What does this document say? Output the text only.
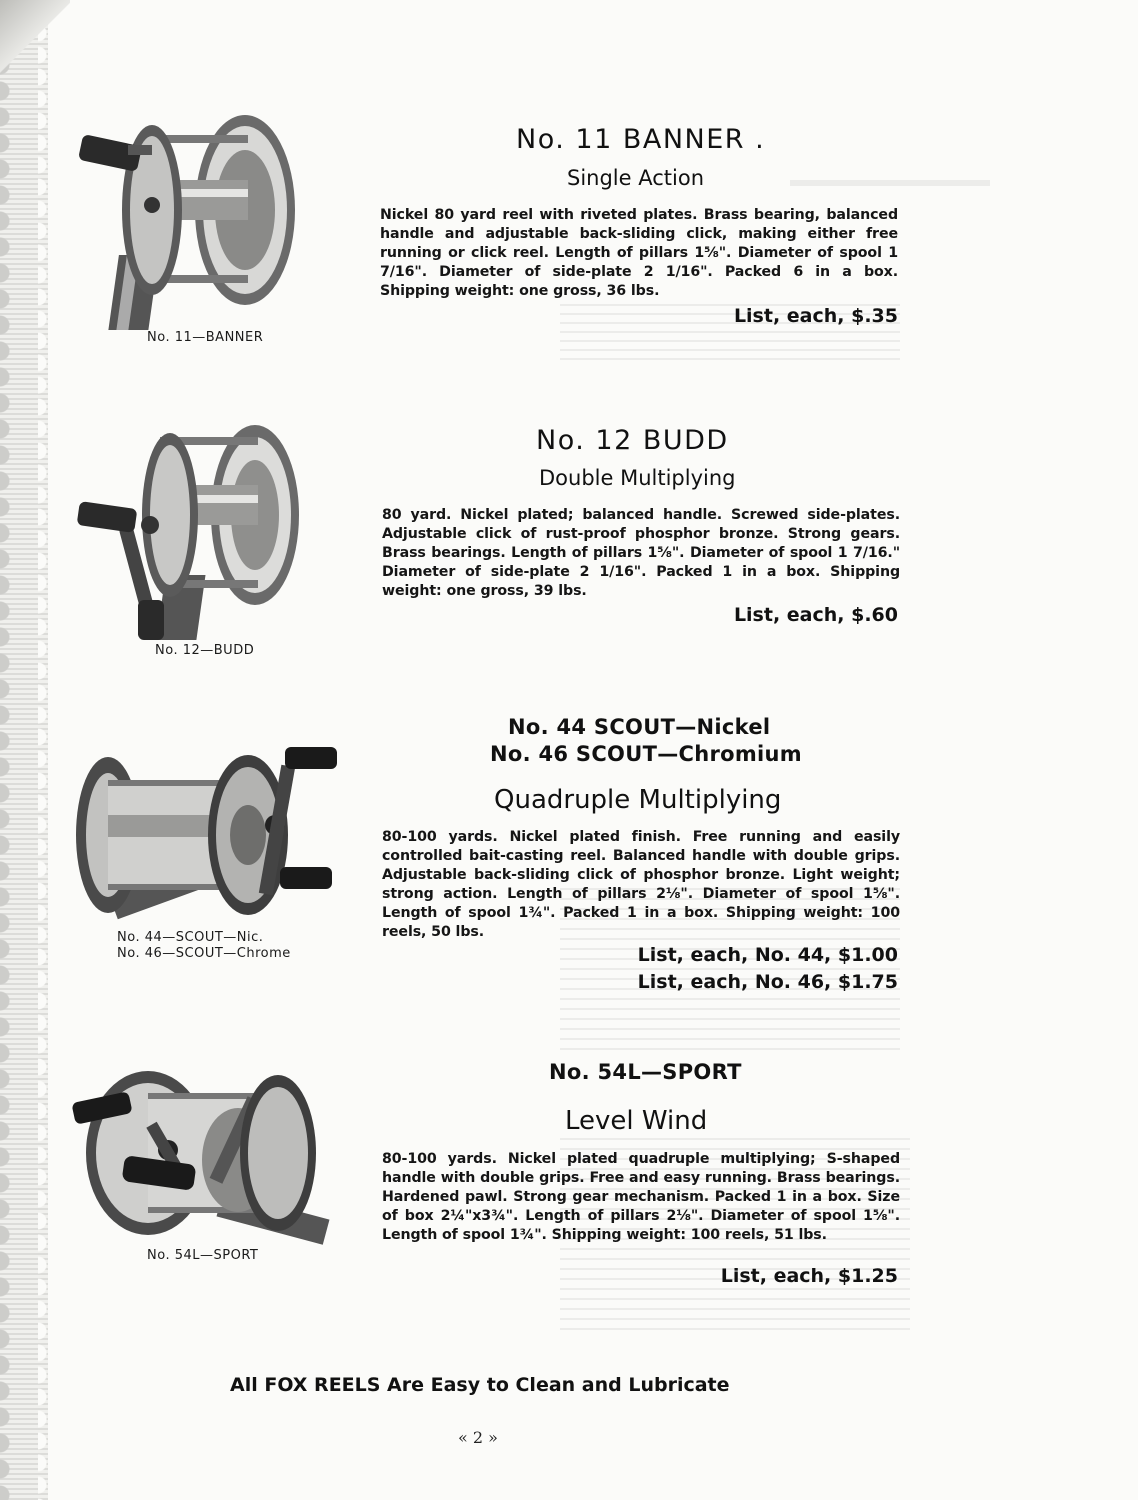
No. 11—BANNER
No. 11 BANNER .
Single Action
Nickel 80 yard reel with riveted plates. Brass bearing, balanced handle and adjustable back-sliding click, making either free running or click reel. Length of pillars 1⅝". Diameter of spool 1 7/16". Diameter of side-plate 2 1/16". Packed 6 in a box. Shipping weight: one gross, 36 lbs.
List, each, $.35
No. 12—BUDD
No. 12 BUDD
Double Multiplying
80 yard. Nickel plated; balanced handle. Screwed side-plates. Adjustable click of rust-proof phosphor bronze. Strong gears. Brass bearings. Length of pillars 1⅝". Diameter of spool 1 7/16." Diameter of side-plate 2 1/16". Packed 1 in a box. Shipping weight: one gross, 39 lbs.
List, each, $.60
No. 44—SCOUT—Nic.
No. 46—SCOUT—Chrome
No. 44 SCOUT—Nickel
No. 46 SCOUT—Chromium
Quadruple Multiplying
80-100 yards. Nickel plated finish. Free running and easily controlled bait-casting reel. Balanced handle with double grips. Adjustable back-sliding click of phosphor bronze. Light weight; strong action. Length of pillars 2⅛". Diameter of spool 1⅝". Length of spool 1¾". Packed 1 in a box. Shipping weight: 100 reels, 50 lbs.
List, each, No. 44, $1.00
List, each, No. 46, $1.75
No. 54L—SPORT
No. 54L—SPORT
Level Wind
80-100 yards. Nickel plated quadruple multiplying; S-shaped handle with double grips. Free and easy running. Brass bearings. Hardened pawl. Strong gear mechanism. Packed 1 in a box. Size of box 2¼"x3¾". Length of pillars 2⅛". Diameter of spool 1⅝". Length of spool 1¾". Shipping weight: 100 reels, 51 lbs.
List, each, $1.25
All FOX REELS Are Easy to Clean and Lubricate
« 2 »
